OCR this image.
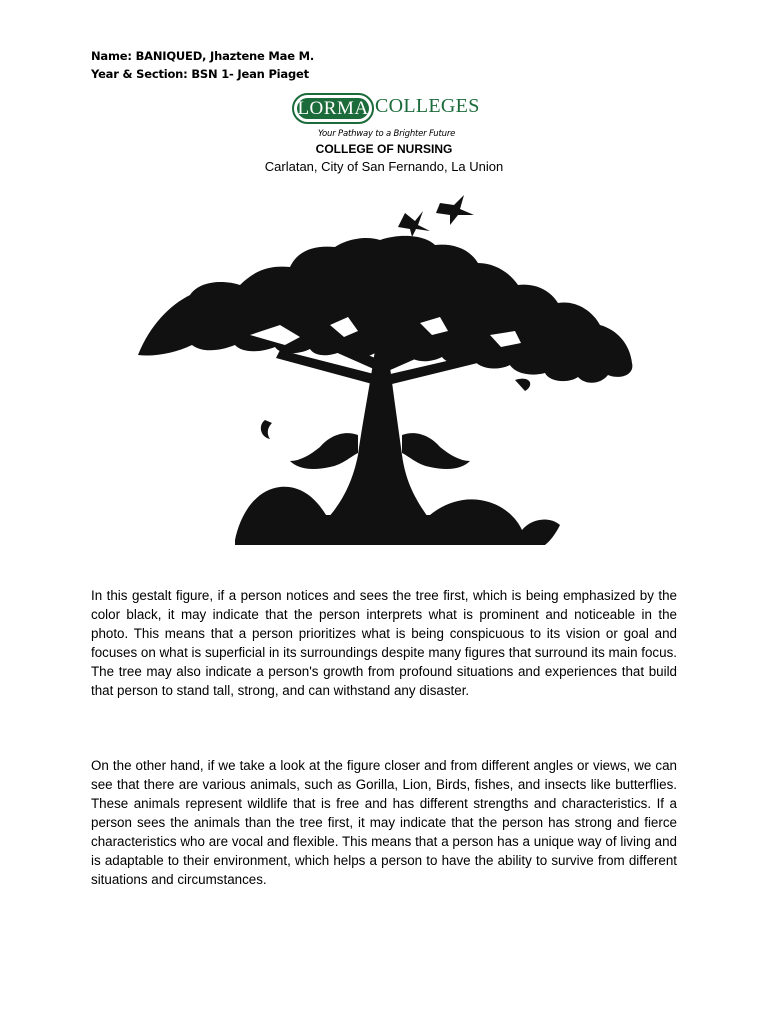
Name: BANIQUED, Jhaztene Mae M.
Year & Section: BSN 1- Jean Piaget
LORMA COLLEGES
Your Pathway to a Brighter Future
COLLEGE OF NURSING
Carlatan, City of San Fernando, La Union

In this gestalt figure, if a person notices and sees the tree first, which is being emphasized by the color black, it may indicate that the person interprets what is prominent and noticeable in the photo. This means that a person prioritizes what is being conspicuous to its vision or goal and focuses on what is superficial in its surroundings despite many figures that surround its main focus. The tree may also indicate a person's growth from profound situations and experiences that build that person to stand tall, strong, and can withstand any disaster.

On the other hand, if we take a look at the figure closer and from different angles or views, we can see that there are various animals, such as Gorilla, Lion, Birds, fishes, and insects like butterflies. These animals represent wildlife that is free and has different strengths and characteristics. If a person sees the animals than the tree first, it may indicate that the person has strong and fierce characteristics who are vocal and flexible. This means that a person has a unique way of living and is adaptable to their environment, which helps a person to have the ability to survive from different situations and circumstances.
